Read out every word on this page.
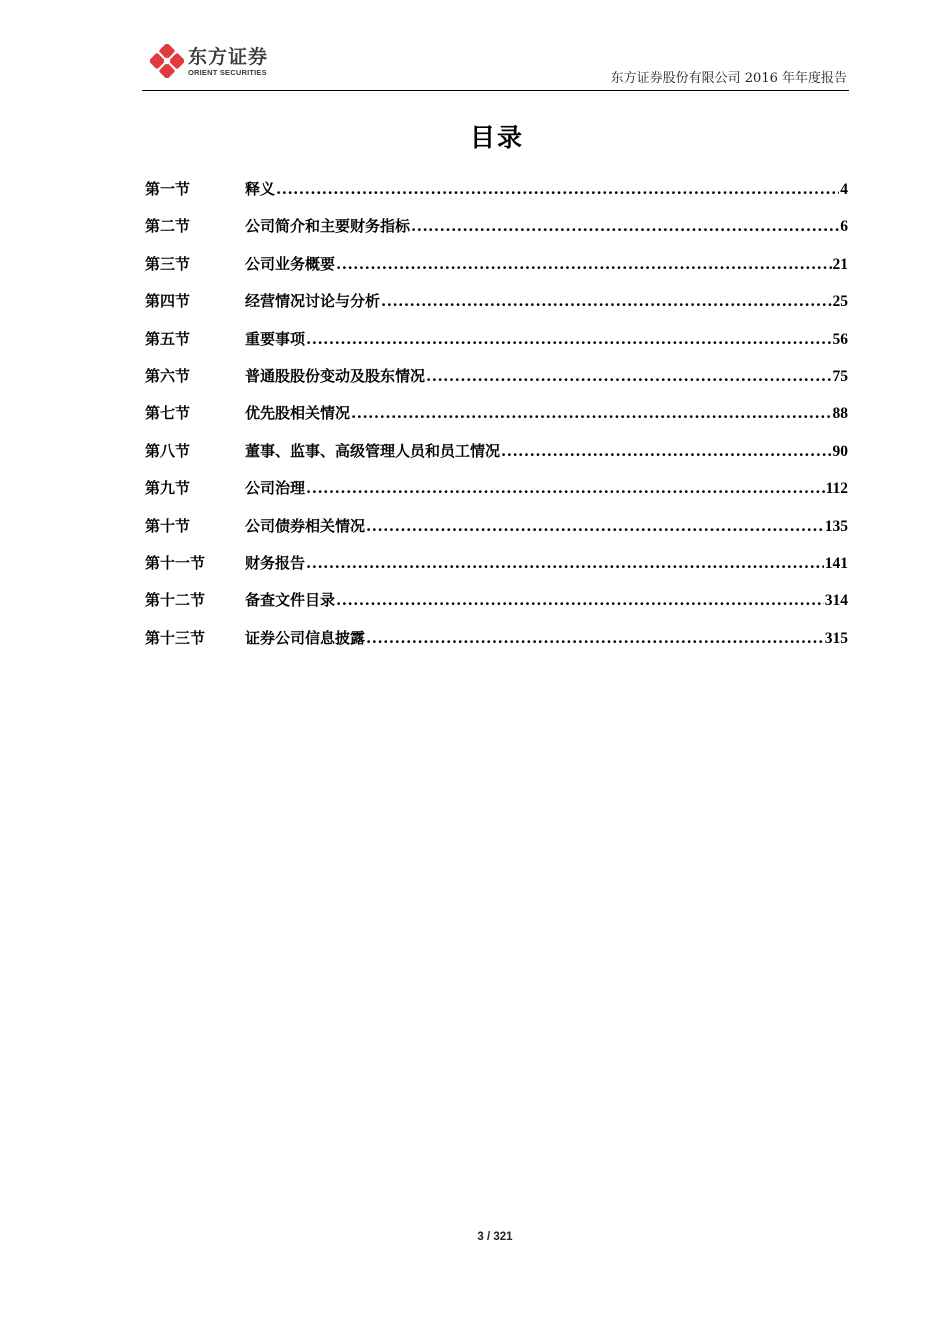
东方证券
ORIENT SECURITIES	东方证券股份有限公司 2016 年年度报告
目录
第一节	释义 .....	4
第二节	公司简介和主要财务指标 .....	6
第三节	公司业务概要 .....	21
第四节	经营情况讨论与分析 .....	25
第五节	重要事项 .....	56
第六节	普通股股份变动及股东情况 .....	75
第七节	优先股相关情况 .....	88
第八节	董事、监事、高级管理人员和员工情况 .....	90
第九节	公司治理 .....	112
第十节	公司债券相关情况 .....	135
第十一节	财务报告 .....	141
第十二节	备查文件目录 .....	314
第十三节	证券公司信息披露 .....	315
3 / 321
